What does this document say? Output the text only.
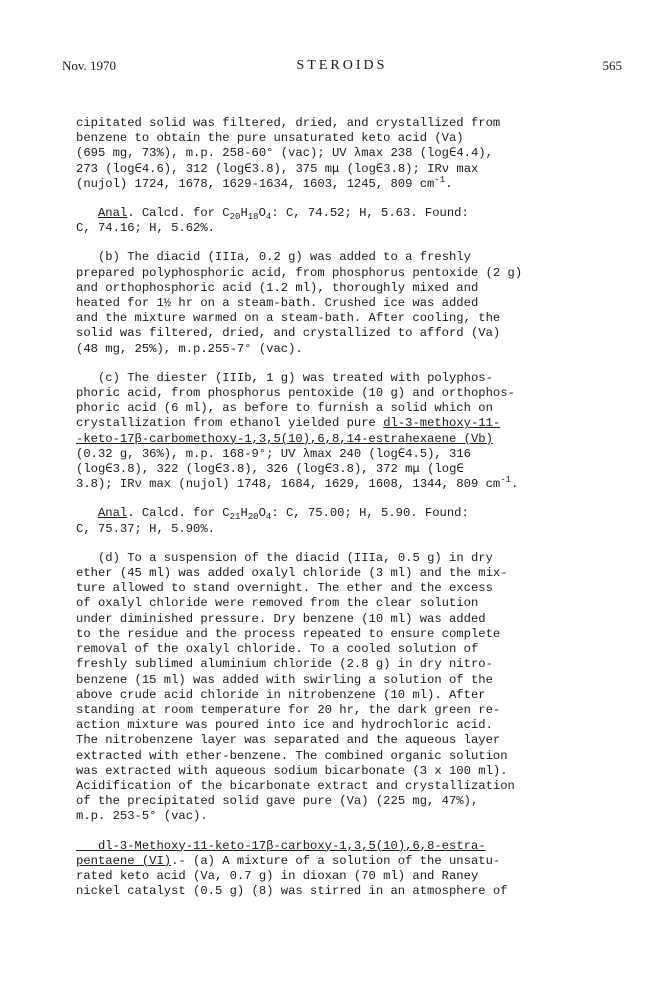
Nov. 1970	STEROIDS	565
cipitated solid was filtered, dried, and crystallized from
benzene to obtain the pure unsaturated keto acid (Va)
(695 mg, 73%), m.p. 258-60° (vac); UV λmax 238 (log∈4.4),
273 (log∈4.6), 312 (log∈3.8), 375 mμ (log∈3.8); IRν max
(nujol) 1724, 1678, 1629-1634, 1603, 1245, 809 $cm^{-1}$.
Anal. Calcd. for $C_{20}H_{18}O_4$: C, 74.52; H, 5.63. Found:
C, 74.16; H, 5.62%.
(b) The diacid (IIIa, 0.2 g) was added to a freshly
prepared polyphosphoric acid, from phosphorus pentoxide (2 g)
and orthophosphoric acid (1.2 ml), thoroughly mixed and
heated for 1½ hr on a steam-bath. Crushed ice was added
and the mixture warmed on a steam-bath. After cooling, the
solid was filtered, dried, and crystallized to afford (Va)
(48 mg, 25%), m.p.255-7° (vac).
(c) The diester (IIIb, 1 g) was treated with polyphos-
phoric acid, from phosphorus pentoxide (10 g) and orthophos-
phoric acid (6 ml), as before to furnish a solid which on
crystallization from ethanol yielded pure dl-3-methoxy-11-
-keto-17β-carbomethoxy-1,3,5(10),6,8,14-estrahexaene (Vb)
(0.32 g, 36%), m.p. 168-9°; UV λmax 240 (log∈4.5), 316
(log∈3.8), 322 (log∈3.8), 326 (log∈3.8), 372 mμ (log∈
3.8); IRν max (nujol) 1748, 1684, 1629, 1608, 1344, 809 $cm^{-1}$.
Anal. Calcd. for $C_{21}H_{20}O_4$: C, 75.00; H, 5.90. Found:
C, 75.37; H, 5.90%.
(d) To a suspension of the diacid (IIIa, 0.5 g) in dry
ether (45 ml) was added oxalyl chloride (3 ml) and the mix-
ture allowed to stand overnight. The ether and the excess
of oxalyl chloride were removed from the clear solution
under diminished pressure. Dry benzene (10 ml) was added
to the residue and the process repeated to ensure complete
removal of the oxalyl chloride. To a cooled solution of
freshly sublimed aluminium chloride (2.8 g) in dry nitro-
benzene (15 ml) was added with swirling a solution of the
above crude acid chloride in nitrobenzene (10 ml). After
standing at room temperature for 20 hr, the dark green re-
action mixture was poured into ice and hydrochloric acid.
The nitrobenzene layer was separated and the aqueous layer
extracted with ether-benzene. The combined organic solution
was extracted with aqueous sodium bicarbonate (3 x 100 ml).
Acidification of the bicarbonate extract and crystallization
of the precipitated solid gave pure (Va) (225 mg, 47%),
m.p. 253-5° (vac).
dl-3-Methoxy-11-keto-17β-carboxy-1,3,5(10),6,8-estra-
pentaene (VI).- (a) A mixture of a solution of the unsatu-
rated keto acid (Va, 0.7 g) in dioxan (70 ml) and Raney
nickel catalyst (0.5 g) (8) was stirred in an atmosphere of
